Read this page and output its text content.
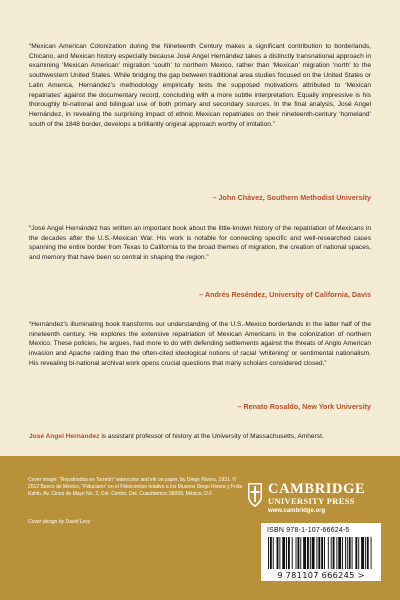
“Mexican American Colonization during the Nineteenth Century makes a significant contribution to borderlands, Chicano, and Mexican history especially because José Angel Hernández takes a distinctly transnational approach in examining ‘Mexican American’ migration ‘south’ to northern Mexico, rather than ‘Mexican’ migration ‘north’ to the southwestern United States. While bridging the gap between traditional area studies focused on the United States or Latin America, Hernández’s methodology empirically tests the supposed motivations attributed to ‘Mexican repatriates’ against the documentary record, concluding with a more subtle interpretation. Equally impressive is his thoroughly bi-national and bilingual use of both primary and secondary sources. In the final analysis, José Angel Hernández, in revealing the surprising impact of ethnic Mexican repatriates on their nineteenth-century ‘homeland’ south of the 1848 border, develops a brilliantly original approach worthy of imitation.”

– John Chávez, Southern Methodist University

“José Angel Hernández has written an important book about the little-known history of the repatriation of Mexicans in the decades after the U.S.-Mexican War. His work is notable for connecting specific and well-researched cases spanning the entire border from Texas to California to the broad themes of migration, the creation of national spaces, and memory that have been so central in shaping the region.”

– Andrés Reséndez, University of California, Davis

“Hernández’s illuminating book transforms our understanding of the U.S.-Mexico borderlands in the latter half of the nineteenth century. He explores the extensive repatriation of Mexican Americans in the colonization of northern Mexico. These policies, he argues, had more to do with defending settlements against the threats of Anglo American invasion and Apache raiding than the often-cited ideological notions of racial ‘whitening’ or sentimental nationalism. His revealing bi-national archival work opens crucial questions that many scholars considered closed.”

– Renato Rosaldo, New York University

José Angel Hernández is assistant professor of history at the University of Massachusetts, Amherst.

Cover image: “Repatriados en Torreón” watercolor and ink on paper, by Diego Rivera, 1931. © 2012 Banco de México, “Fiduciario” en el Fideicomiso relativo a los Museos Diego Rivera y Frida Kahlo. Av. Cinco de Mayo No. 2, Col. Centro, Del. Cuauhtémoc 06059, México, D.F.

Cover design by David Levy

CAMBRIDGE

UNIVERSITY PRESS

www.cambridge.org

ISBN 978-1-107-66624-5

9 781107 666245 >
